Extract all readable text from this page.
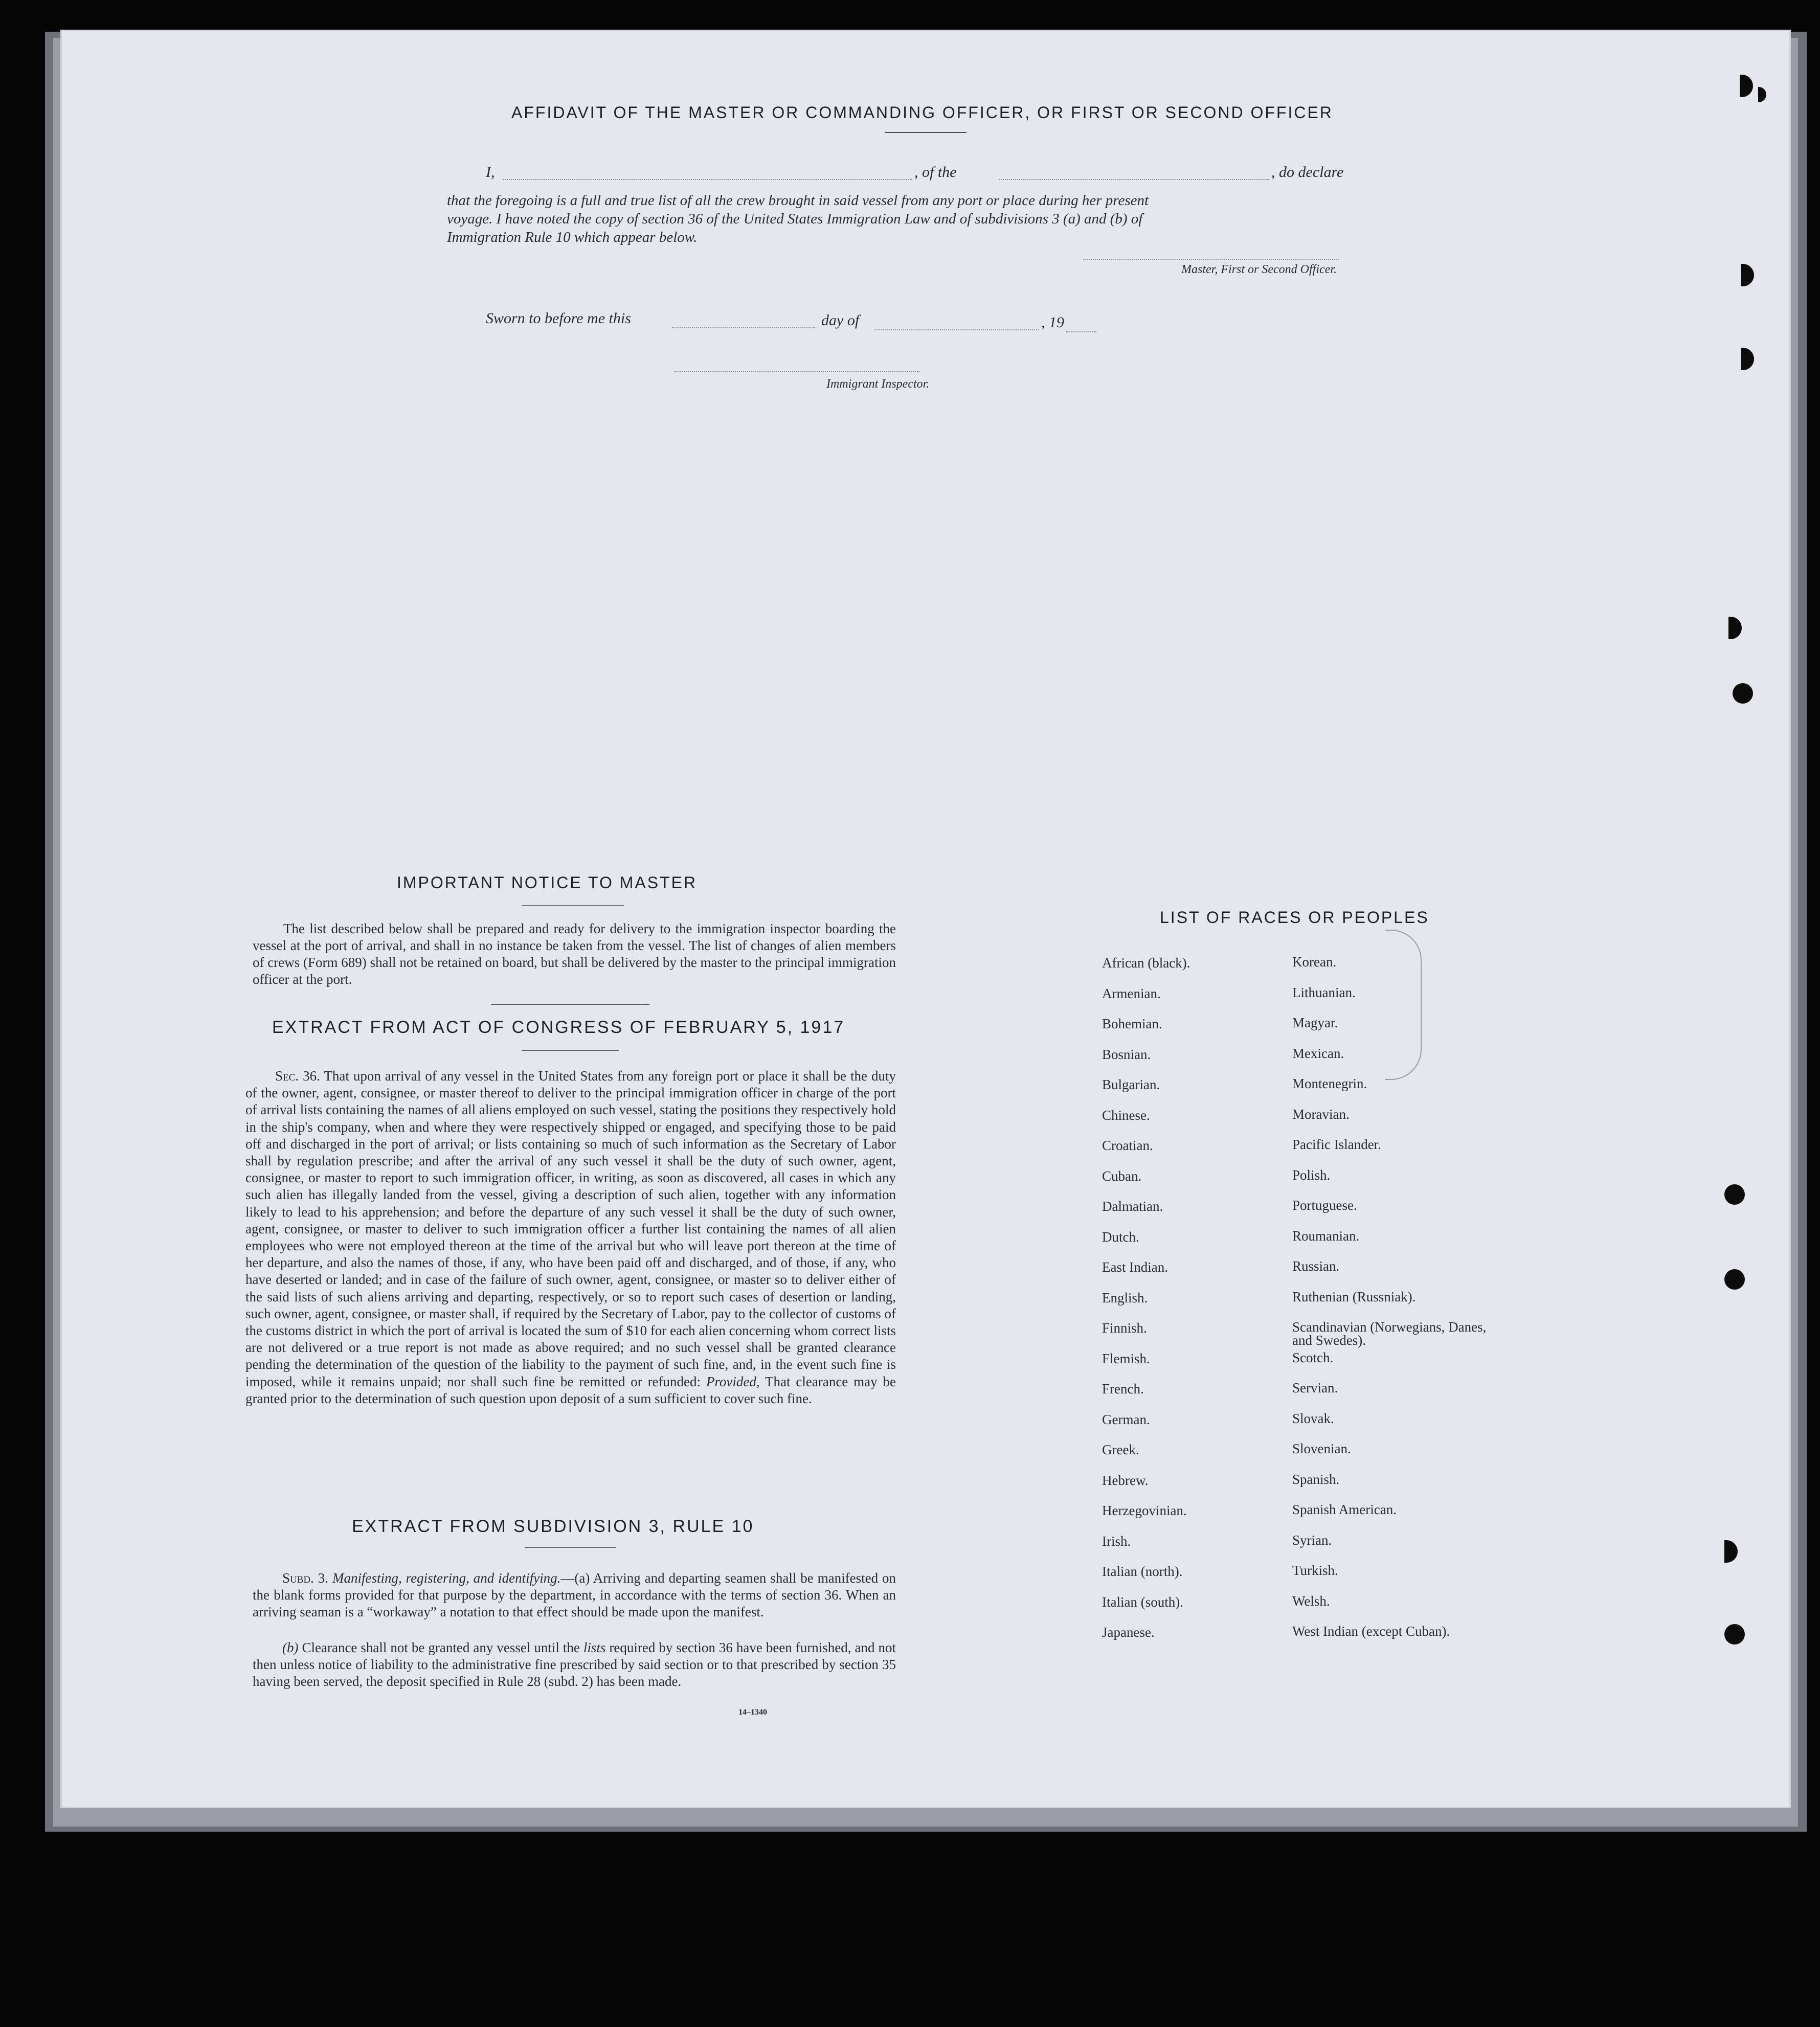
AFFIDAVIT OF THE MASTER OR COMMANDING OFFICER, OR FIRST OR SECOND OFFICER
I,	, of the	, do declare
that the foregoing is a full and true list of all the crew brought in said vessel from any port or place during her present
voyage. I have noted the copy of section 36 of the United States Immigration Law and of subdivisions 3 (a) and (b) of
Immigration Rule 10 which appear below.
Master, First or Second Officer.
Sworn to before me this	day of	, 19
Immigrant Inspector.
IMPORTANT NOTICE TO MASTER
The list described below shall be prepared and ready for delivery to the immigration inspector boarding the vessel at the port of arrival, and shall in no instance be taken from the vessel. The list of changes of alien members of crews (Form 689) shall not be retained on board, but shall be delivered by the master to the principal immigration officer at the port.
EXTRACT FROM ACT OF CONGRESS OF FEBRUARY 5, 1917
Sec. 36. That upon arrival of any vessel in the United States from any foreign port or place it shall be the duty of the owner, agent, consignee, or master thereof to deliver to the principal immigration officer in charge of the port of arrival lists containing the names of all aliens employed on such vessel, stating the positions they respectively hold in the ship's company, when and where they were respectively shipped or engaged, and specifying those to be paid off and discharged in the port of arrival; or lists containing so much of such information as the Secretary of Labor shall by regulation prescribe; and after the arrival of any such vessel it shall be the duty of such owner, agent, consignee, or master to report to such immigration officer, in writing, as soon as discovered, all cases in which any such alien has illegally landed from the vessel, giving a description of such alien, together with any information likely to lead to his apprehension; and before the departure of any such vessel it shall be the duty of such owner, agent, consignee, or master to deliver to such immigration officer a further list containing the names of all alien employees who were not employed thereon at the time of the arrival but who will leave port thereon at the time of her departure, and also the names of those, if any, who have been paid off and discharged, and of those, if any, who have deserted or landed; and in case of the failure of such owner, agent, consignee, or master so to deliver either of the said lists of such aliens arriving and departing, respectively, or so to report such cases of desertion or landing, such owner, agent, consignee, or master shall, if required by the Secretary of Labor, pay to the collector of customs of the customs district in which the port of arrival is located the sum of $10 for each alien concerning whom correct lists are not delivered or a true report is not made as above required; and no such vessel shall be granted clearance pending the determination of the question of the liability to the payment of such fine, and, in the event such fine is imposed, while it remains unpaid; nor shall such fine be remitted or refunded: Provided, That clearance may be granted prior to the determination of such question upon deposit of a sum sufficient to cover such fine.
EXTRACT FROM SUBDIVISION 3, RULE 10
Subd. 3. Manifesting, registering, and identifying.—(a) Arriving and departing seamen shall be manifested on the blank forms provided for that purpose by the department, in accordance with the terms of section 36. When an arriving seaman is a “workaway” a notation to that effect should be made upon the manifest.
(b) Clearance shall not be granted any vessel until the lists required by section 36 have been furnished, and not then unless notice of liability to the administrative fine prescribed by said section or to that prescribed by section 35 having been served, the deposit specified in Rule 28 (subd. 2) has been made.
14–1340
LIST OF RACES OR PEOPLES
African (black).	Korean.
Armenian.	Lithuanian.
Bohemian.	Magyar.
Bosnian.	Mexican.
Bulgarian.	Montenegrin.
Chinese.	Moravian.
Croatian.	Pacific Islander.
Cuban.	Polish.
Dalmatian.	Portuguese.
Dutch.	Roumanian.
East Indian.	Russian.
English.	Ruthenian (Russniak).
Finnish.	Scandinavian (Norwegians, Danes, and Swedes).
Flemish.	Scotch.
French.	Servian.
German.	Slovak.
Greek.	Slovenian.
Hebrew.	Spanish.
Herzegovinian.	Spanish American.
Irish.	Syrian.
Italian (north).	Turkish.
Italian (south).	Welsh.
Japanese.	West Indian (except Cuban).
